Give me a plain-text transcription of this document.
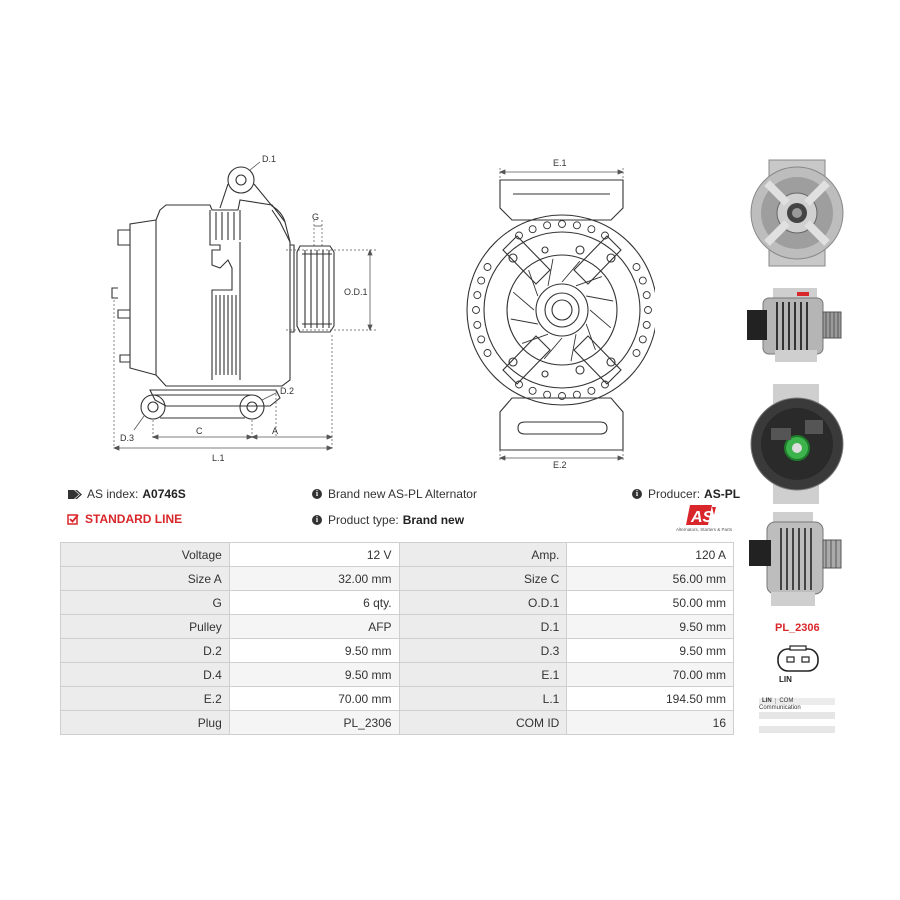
D.1
G
O.D.1
D.2
D.3
C	A
L.1
E.1
E.2
PL_2306
LIN
LIN COM Communication
AS index: A0746S
STANDARD LINE
i Brand new AS-PL Alternator
i Product type: Brand new
i Producer: AS-PL
AS
Alternators, Starters & Parts
Voltage	12 V	Amp.	120 A
Size A	32.00 mm	Size C	56.00 mm
G	6 qty.	O.D.1	50.00 mm
Pulley	AFP	D.1	9.50 mm
D.2	9.50 mm	D.3	9.50 mm
D.4	9.50 mm	E.1	70.00 mm
E.2	70.00 mm	L.1	194.50 mm
Plug	PL_2306	COM ID	16
